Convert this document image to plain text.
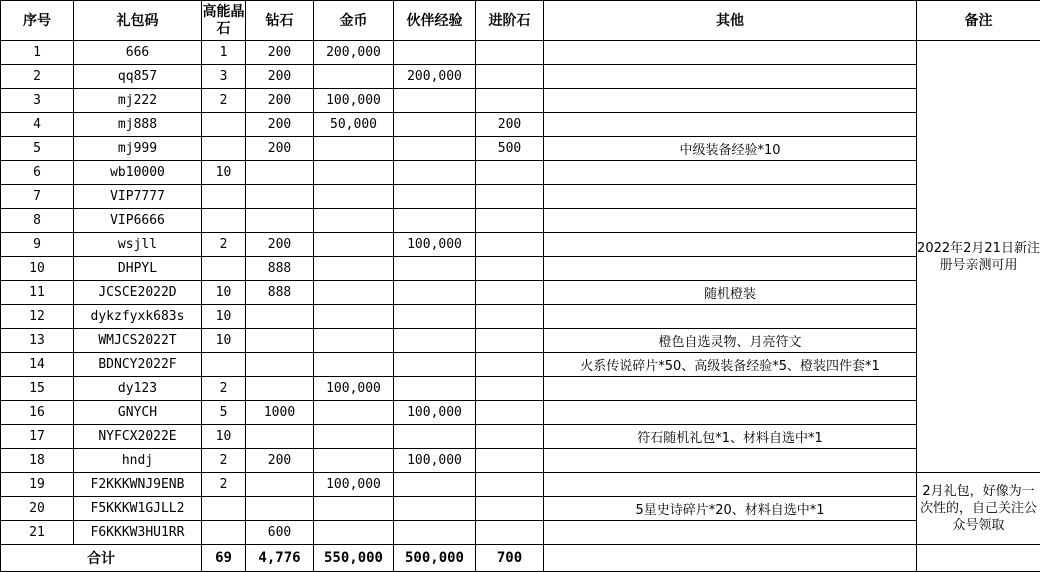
序号	礼包码	高能晶石	钻石	金币	伙伴经验	进阶石	其他	备注
1	666	1	200	200,000				2022年2月21日新注册号亲测可用
2	qq857	3	200		200,000			
3	mj222	2	200	100,000				
4	mj888		200	50,000		200		
5	mj999		200			500	中级装备经验*10	
6	wb10000	10						
7	VIP7777							
8	VIP6666							
9	wsjll	2	200		100,000			
10	DHPYL		888					
11	JCSCE2022D	10	888				随机橙装	
12	dykzfyxk683s	10						
13	WMJCS2022T	10					橙色自选灵物、月亮符文	
14	BDNCY2022F						火系传说碎片*50、高级装备经验*5、橙装四件套*1	
15	dy123	2		100,000				
16	GNYCH	5	1000		100,000			
17	NYFCX2022E	10					符石随机礼包*1、材料自选中*1	
18	hndj	2	200		100,000			
19	F2KKKWNJ9ENB	2		100,000				2月礼包，好像为一次性的，自己关注公众号领取
20	F5KKKW1GJLL2						5星史诗碎片*20、材料自选中*1	
21	F6KKKW3HU1RR		600					
合计		69	4,776	550,000	500,000	700		
